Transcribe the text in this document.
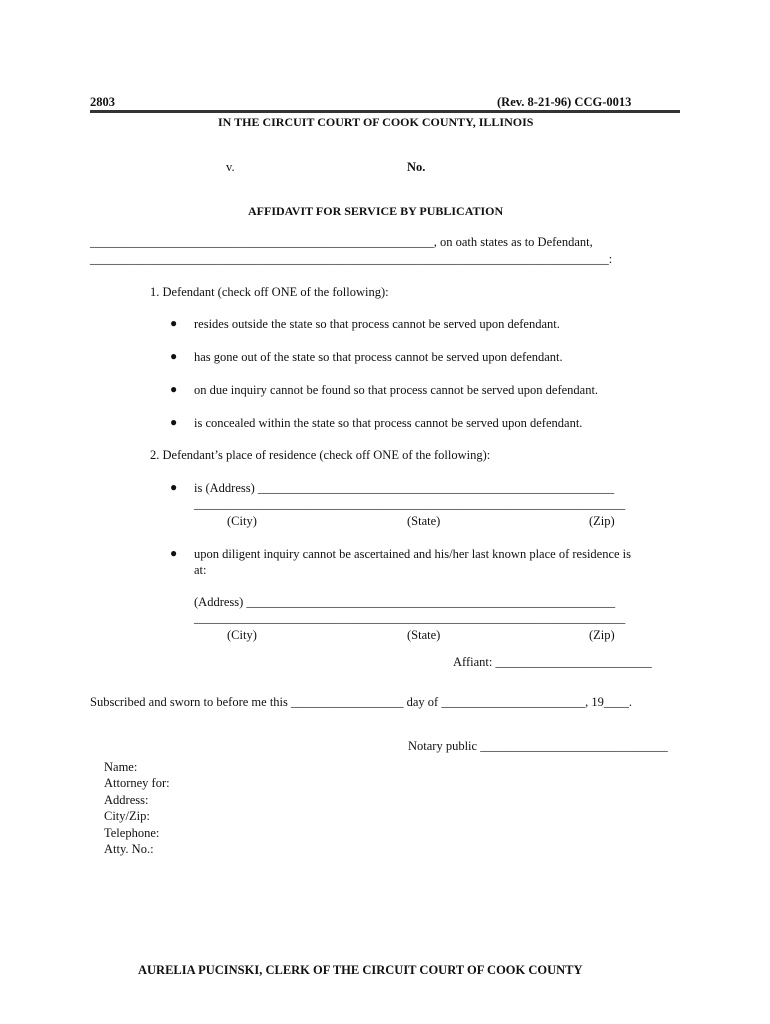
2803	(Rev. 8-21-96) CCG-0013
IN THE CIRCUIT COURT OF COOK COUNTY, ILLINOIS
v.	No.
AFFIDAVIT FOR SERVICE BY PUBLICATION
_______________________________________________________, on oath states as to Defendant,
___________________________________________________________________________________:
1. Defendant (check off ONE of the following):
● resides outside the state so that process cannot be served upon defendant.
● has gone out of the state so that process cannot be served upon defendant.
● on due inquiry cannot be found so that process cannot be served upon defendant.
● is concealed within the state so that process cannot be served upon defendant.
2. Defendant’s place of residence (check off ONE of the following):
● is (Address) _________________________________________________________
_____________________________________________________________________
(City)	(State)	(Zip)
● upon diligent inquiry cannot be ascertained and his/her last known place of residence is
at:
(Address) ___________________________________________________________
_____________________________________________________________________
(City)	(State)	(Zip)
Affiant: _________________________
Subscribed and sworn to before me this __________________ day of _______________________, 19____.
Notary public ______________________________
Name:
Attorney for:
Address:
City/Zip:
Telephone:
Atty. No.:
AURELIA PUCINSKI, CLERK OF THE CIRCUIT COURT OF COOK COUNTY
